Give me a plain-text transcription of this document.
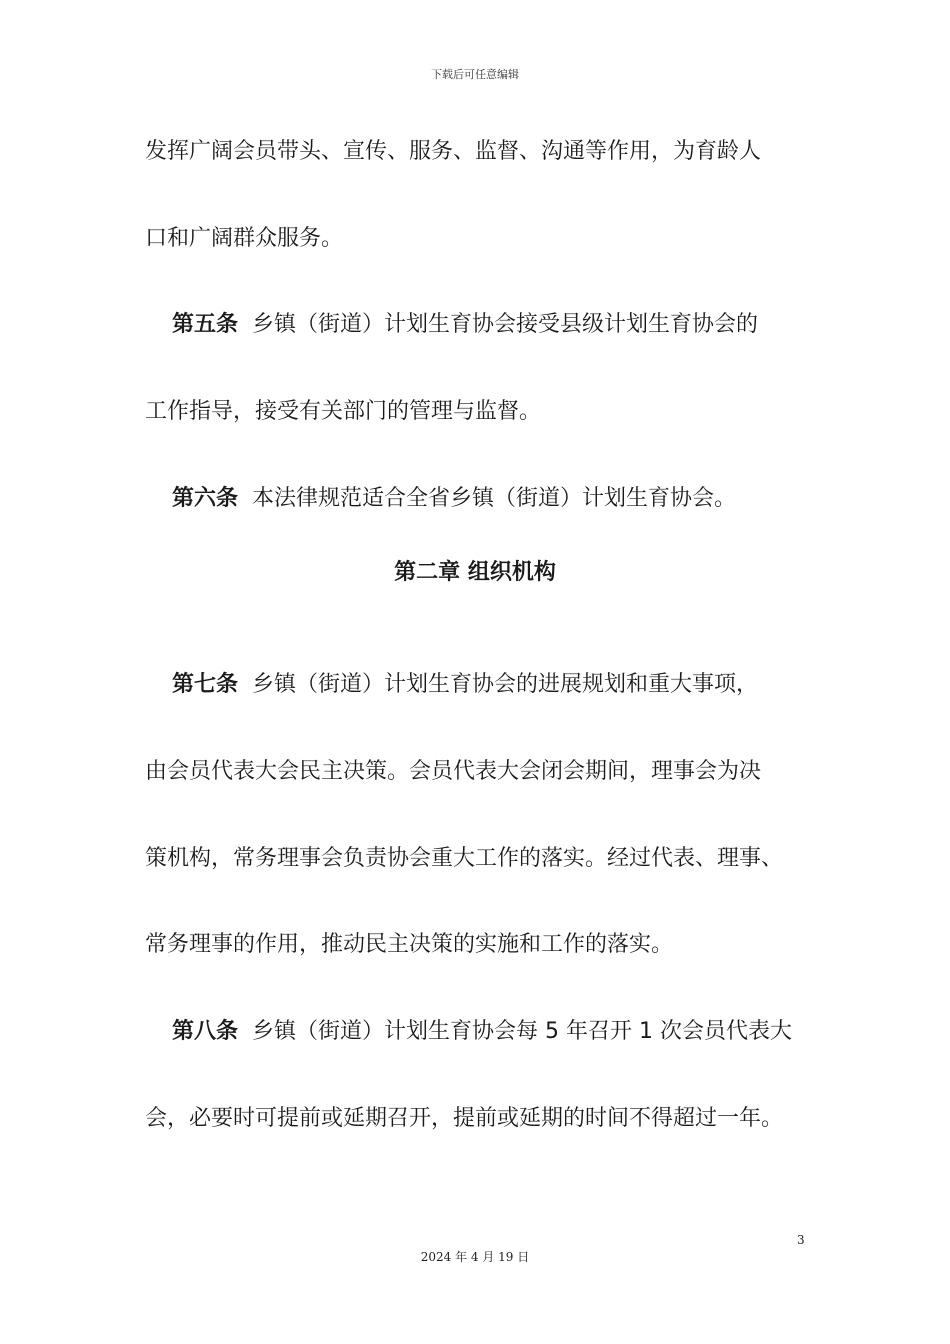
下载后可任意编辑
发挥广阔会员带头、宣传、服务、监督、沟通等作用，为育龄人
口和广阔群众服务。
第五条 乡镇（街道）计划生育协会接受县级计划生育协会的
工作指导，接受有关部门的管理与监督。
第六条 本法律规范适合全省乡镇（街道）计划生育协会。
第二章 组织机构
第七条 乡镇（街道）计划生育协会的进展规划和重大事项，
由会员代表大会民主决策。会员代表大会闭会期间，理事会为决
策机构，常务理事会负责协会重大工作的落实。经过代表、理事、
常务理事的作用，推动民主决策的实施和工作的落实。
第八条 乡镇（街道）计划生育协会每 5 年召开 1 次会员代表大
会，必要时可提前或延期召开，提前或延期的时间不得超过一年。
3
2024 年 4 月 19 日
